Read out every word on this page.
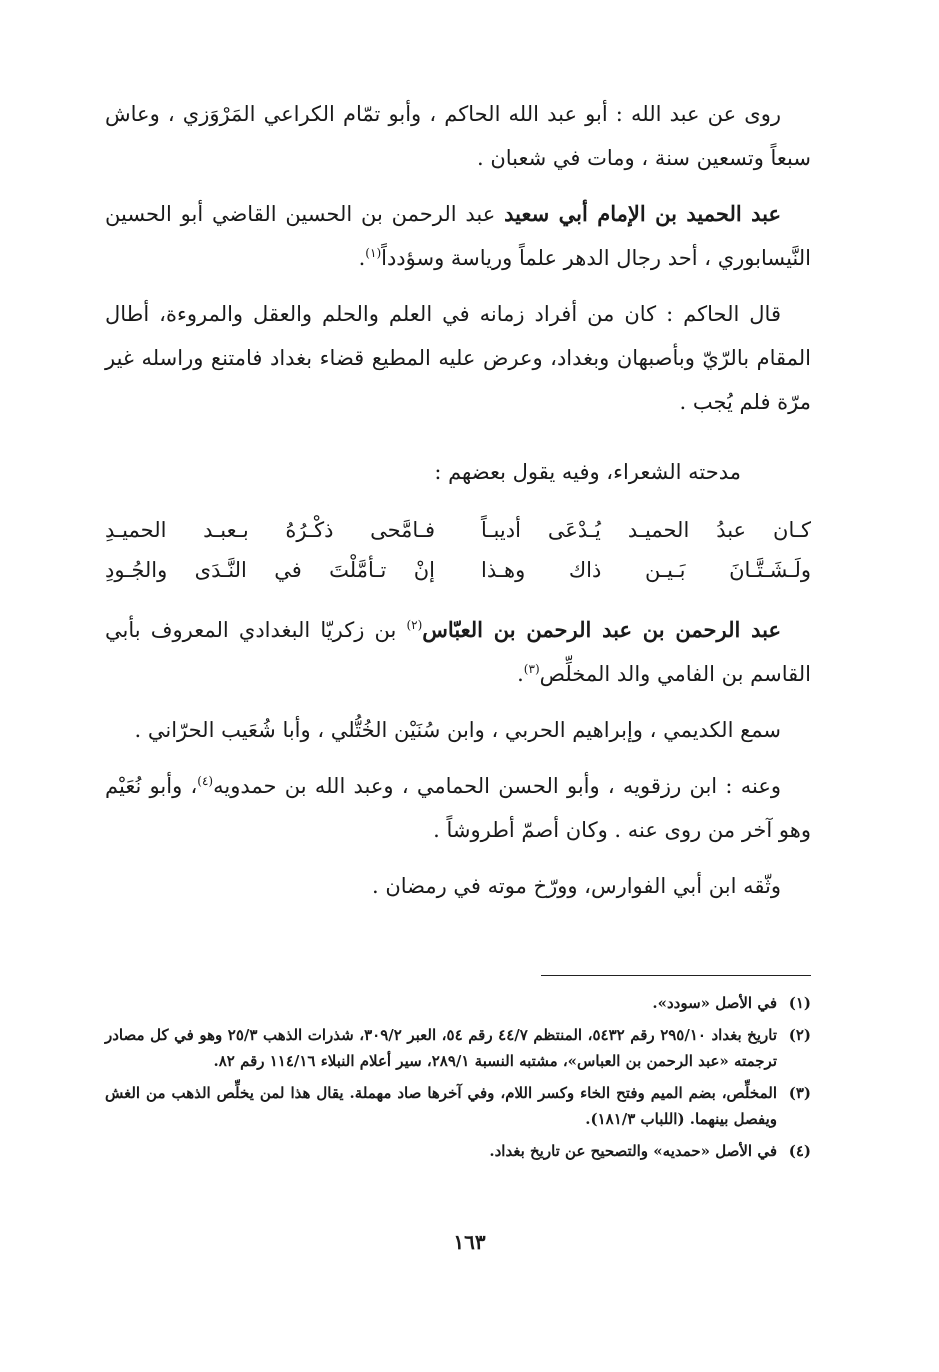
روى عن عبد الله : أبو عبد الله الحاكم ، وأبو تمّام الكراعي المَرْوَزي ، وعاش سبعاً وتسعين سنة ، ومات في شعبان .

عبد الحميد بن الإمام أبي سعيد عبد الرحمن بن الحسين القاضي أبو الحسين النَّيسابوري ، أحد رجال الدهر علماً ورياسة وسؤدداً$^{(١)}$.

قال الحاكم : كان من أفراد زمانه في العلم والحلم والعقل والمروءة، أطال المقام بالرّيّ وبأصبهان وبغداد، وعرض عليه المطيع قضاء بغداد فامتنع وراسله غير مرّة فلم يُجب .

مدحته الشعراء، وفيه يقول بعضهم :

كـان عبدُ الحميـد يُـدْعَى أديبـاً
فـامَّحى ذكْـرُهُ بـعبـد الحميـدِ
ولَـشَـتَّـانَ بَـيـن ذاك وهـذا
إنْ تـأمَّلْتَ في النَّـدَى والجُـودِ

عبد الرحمن بن عبد الرحمن بن العبّاس$^{(٢)}$ بن زكريّا البغدادي المعروف بأبي القاسم بن الفامي والد المخلِّص$^{(٣)}$.

سمع الكديمي ، وإبراهيم الحربي ، وابن سُنَيْن الخُتُّلي ، وأبا شُعَيب الحرّاني .

وعنه : ابن رزقويه ، وأبو الحسن الحمامي ، وعبد الله بن حمدويه$^{(٤)}$، وأبو نُعَيْم وهو آخر من روى عنه . وكان أصمّ أطروشاً .

وثّقه ابن أبي الفوارس، وورّخ موته في رمضان .

(١)
في الأصل «سودد».
(٢)
تاريخ بغداد ٢٩٥/١٠ رقم ٥٤٣٢، المنتظم ٤٤/٧ رقم ٥٤، العبر ٣٠٩/٢، شذرات الذهب ٢٥/٣ وهو في كل مصادر ترجمته «عبد الرحمن بن العباس»، مشتبه النسبة ٢٨٩/١، سير أعلام النبلاء ١١٤/١٦ رقم ٨٢.
(٣)
المخلِّص، بضم الميم وفتح الخاء وكسر اللام، وفي آخرها صاد مهملة. يقال هذا لمن يخلِّص الذهب من الغش ويفصل بينهما. (اللباب ١٨١/٣).
(٤)
في الأصل «حمديه» والتصحيح عن تاريخ بغداد.
١٦٣
